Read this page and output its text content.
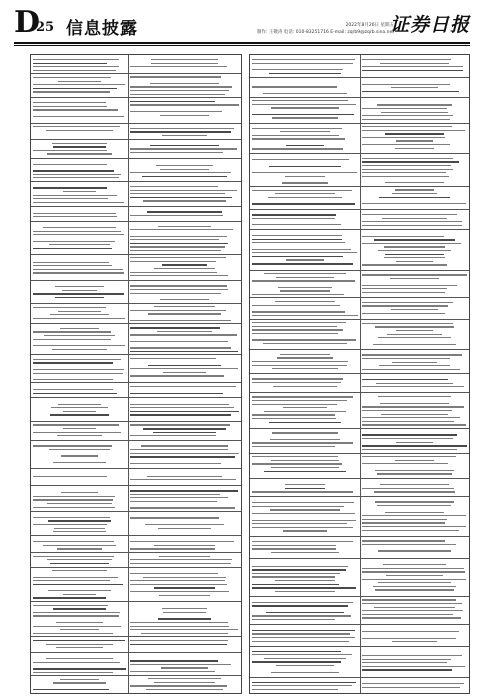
D
25 信息披露	2022年8月26日 星期五
制作: 王敬涛 电话: 010-83251716 E-mail: zqrb9@zqrb.sina.net
证券日报
